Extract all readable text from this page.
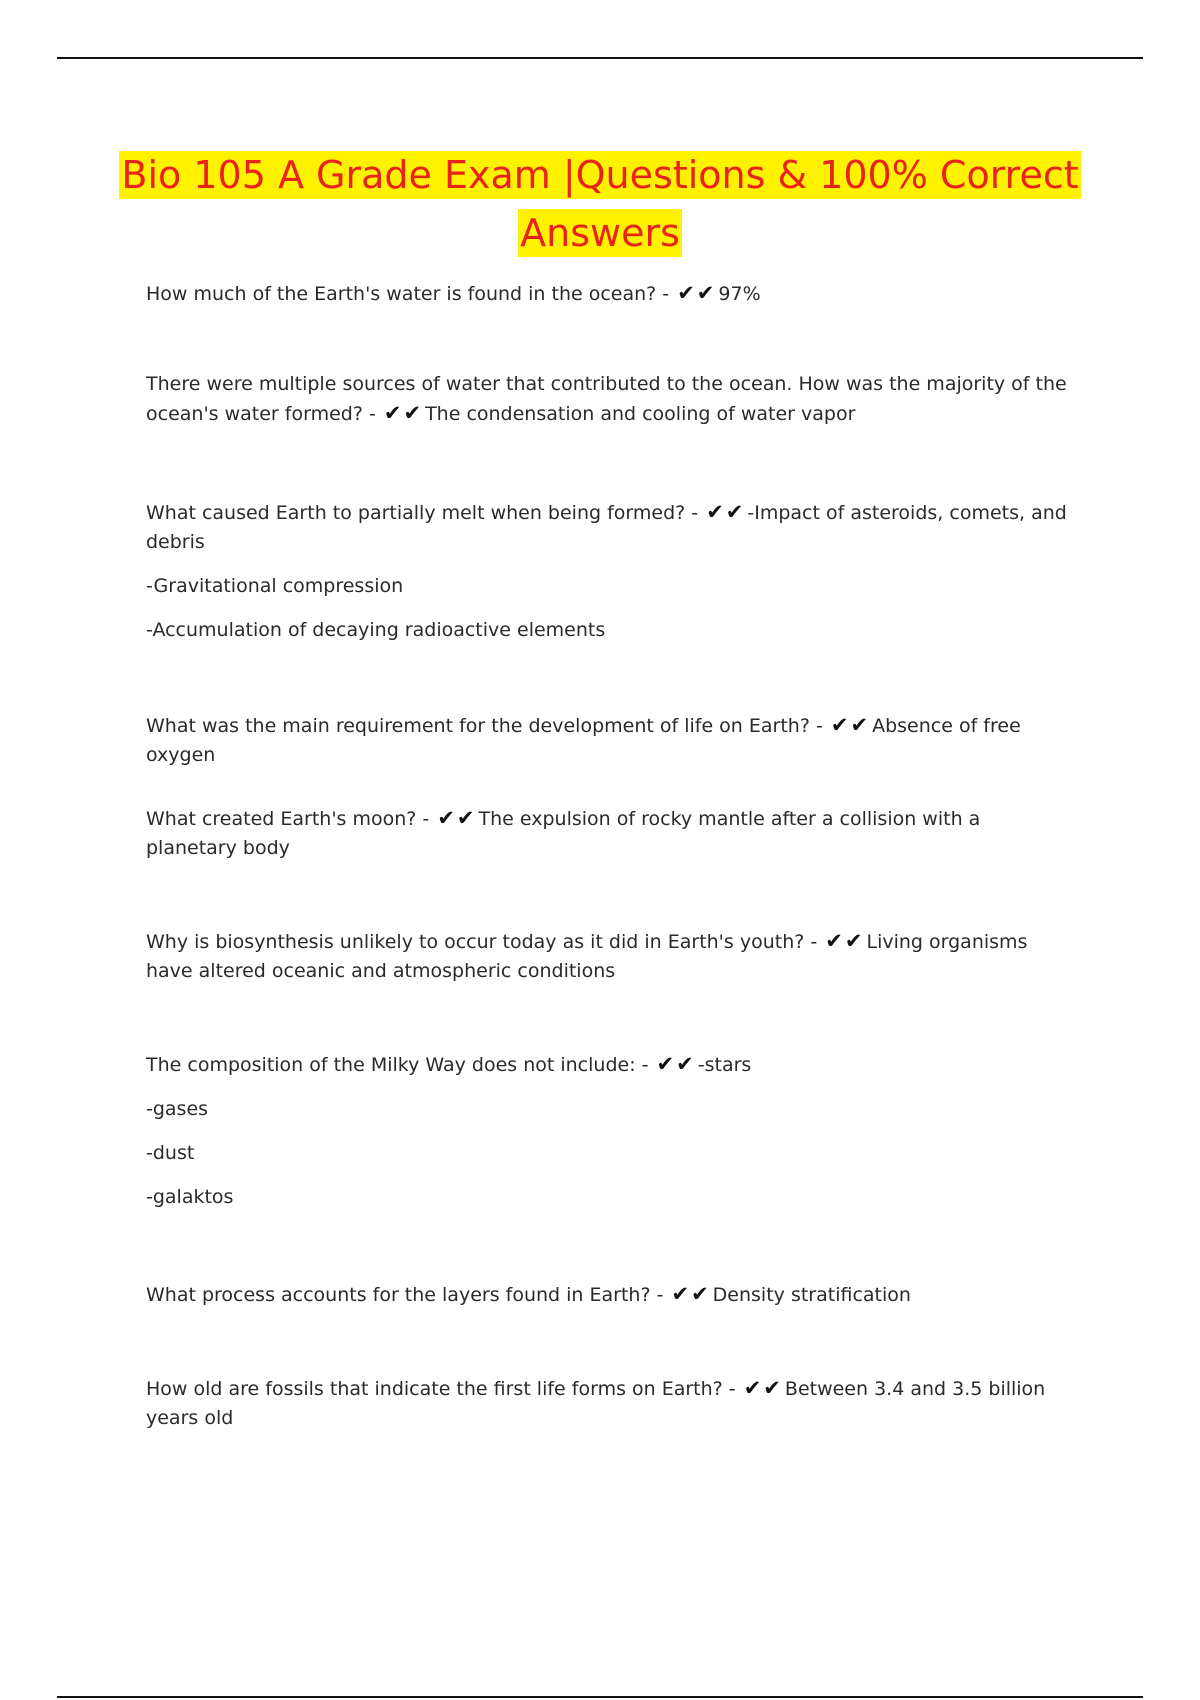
Bio 105 A Grade Exam |Questions & 100% Correct
Answers

How much of the Earth's water is found in the ocean? - ✔✔ 97%

There were multiple sources of water that contributed to the ocean. How was the majority of the ocean's water formed? - ✔✔ The condensation and cooling of water vapor

What caused Earth to partially melt when being formed? - ✔✔ -Impact of asteroids, comets, and debris

-Gravitational compression

-Accumulation of decaying radioactive elements

What was the main requirement for the development of life on Earth? - ✔✔ Absence of free oxygen

What created Earth's moon? - ✔✔ The expulsion of rocky mantle after a collision with a planetary body

Why is biosynthesis unlikely to occur today as it did in Earth's youth? - ✔✔ Living organisms have altered oceanic and atmospheric conditions

The composition of the Milky Way does not include: - ✔✔ -stars

-gases

-dust

-galaktos

What process accounts for the layers found in Earth? - ✔✔ Density stratification

How old are fossils that indicate the first life forms on Earth? - ✔✔ Between 3.4 and 3.5 billion years old
